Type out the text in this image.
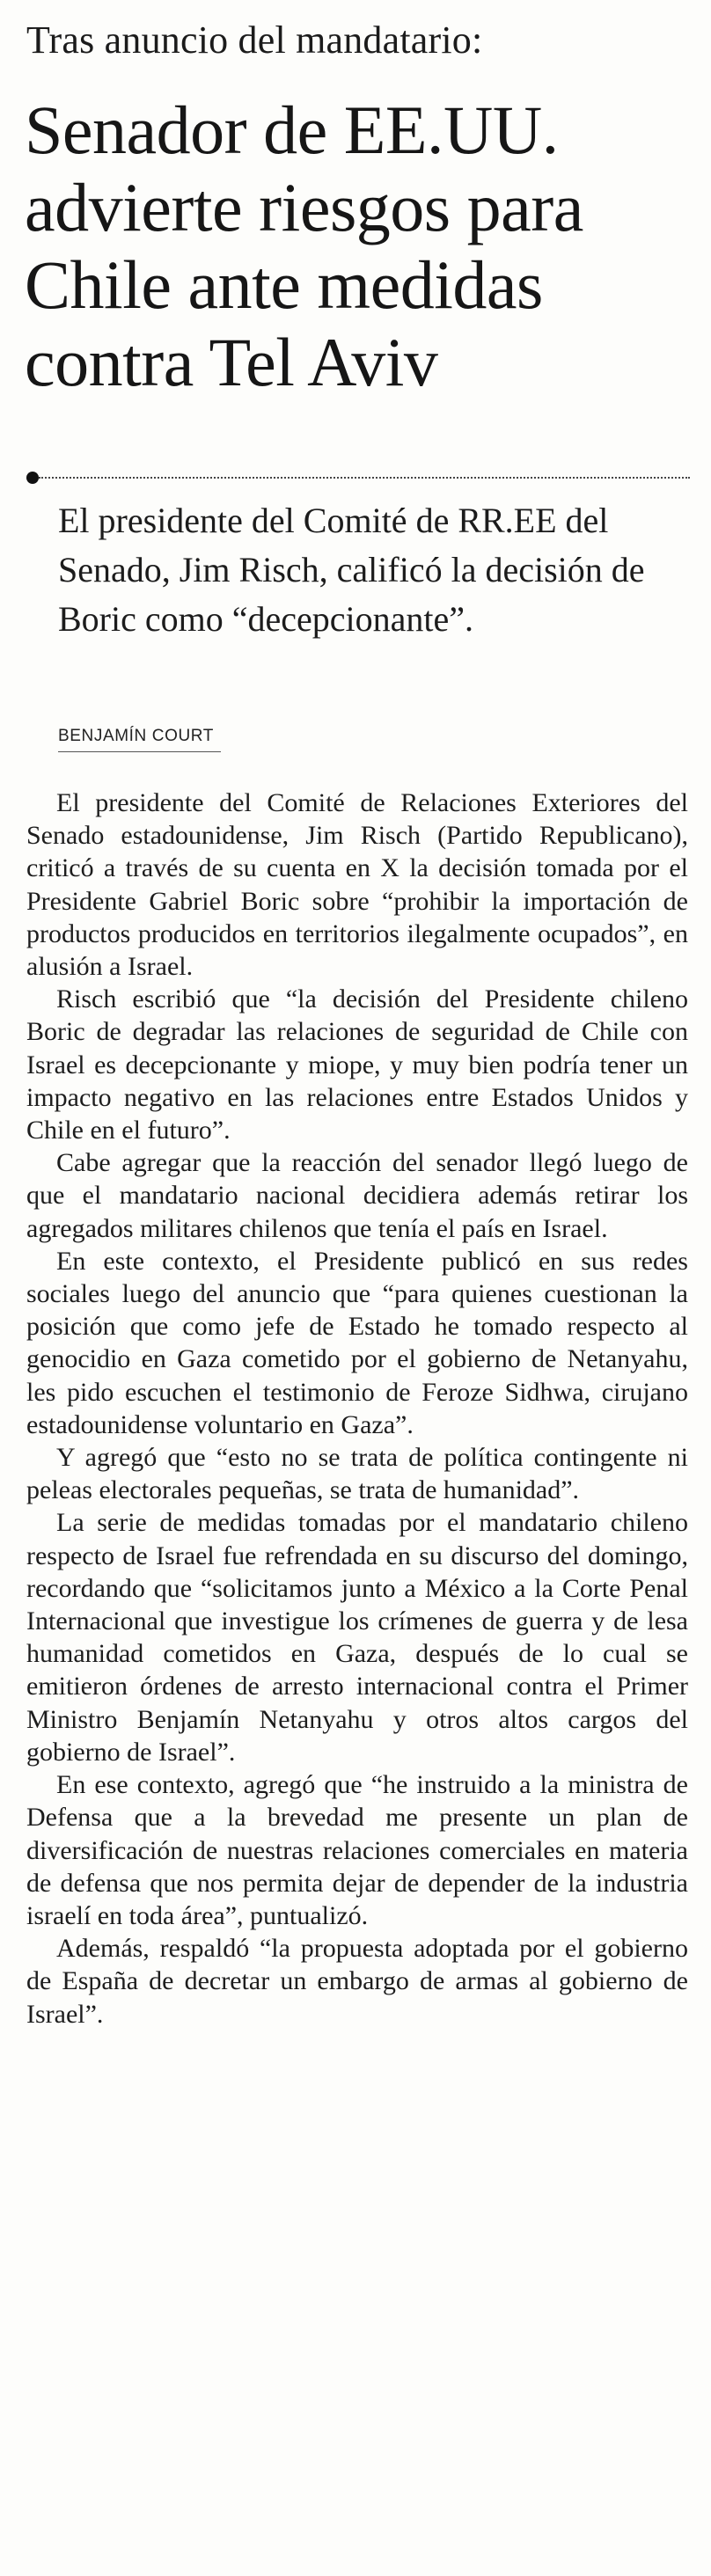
Tras anuncio del mandatario:
Senador de EE.UU. advierte riesgos para Chile ante medidas contra Tel Aviv
El presidente del Comité de RR.EE del Senado, Jim Risch, calificó la decisión de Boric como “decepcionante”.
BENJAMÍN COURT

El presidente del Comité de Relaciones Exteriores del Senado estadounidense, Jim Risch (Partido Republicano), criticó a través de su cuenta en X la decisión tomada por el Presidente Gabriel Boric sobre “prohibir la importación de productos producidos en territorios ilegalmente ocupados”, en alusión a Israel.

Risch escribió que “la decisión del Presidente chileno Boric de degradar las relaciones de seguridad de Chile con Israel es decepcionante y miope, y muy bien podría tener un impacto negativo en las relaciones entre Estados Unidos y Chile en el futuro”.

Cabe agregar que la reacción del senador llegó luego de que el mandatario nacional decidiera además retirar los agregados militares chilenos que tenía el país en Israel.

En este contexto, el Presidente publicó en sus redes sociales luego del anuncio que “para quienes cuestionan la posición que como jefe de Estado he tomado respecto al genocidio en Gaza cometido por el gobierno de Netanyahu, les pido escuchen el testimonio de Feroze Sidhwa, cirujano estadounidense voluntario en Gaza”.

Y agregó que “esto no se trata de política contingente ni peleas electorales pequeñas, se trata de humanidad”.

La serie de medidas tomadas por el mandatario chileno respecto de Israel fue refrendada en su discurso del domingo, recordando que “solicitamos junto a México a la Corte Penal Internacional que investigue los crímenes de guerra y de lesa humanidad cometidos en Gaza, después de lo cual se emitieron órdenes de arresto internacional contra el Primer Ministro Benjamín Netanyahu y otros altos cargos del gobierno de Israel”.

En ese contexto, agregó que “he instruido a la ministra de Defensa que a la brevedad me presente un plan de diversificación de nuestras relaciones comerciales en materia de defensa que nos permita dejar de depender de la industria israelí en toda área”, puntualizó.

Además, respaldó “la propuesta adoptada por el gobierno de España de decretar un embargo de armas al gobierno de Israel”.
